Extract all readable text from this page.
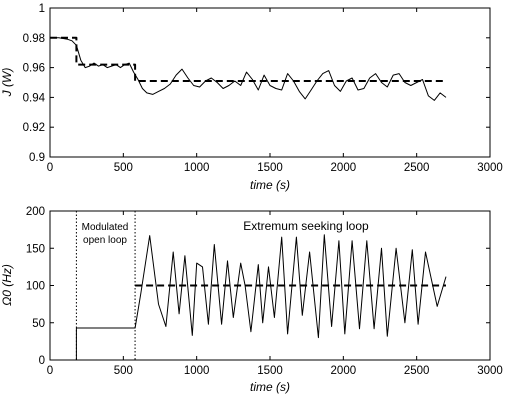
0	500	1000	1500	2000	2500	3000
0.9
0.92
0.94
0.96
0.98
1
time (s)
J (W)
0	500	1000	1500	2000	2500	3000
0
50
100
150
200
Modulated
open loop
Extremum seeking loop
time (s)
Ω0 (Hz)
